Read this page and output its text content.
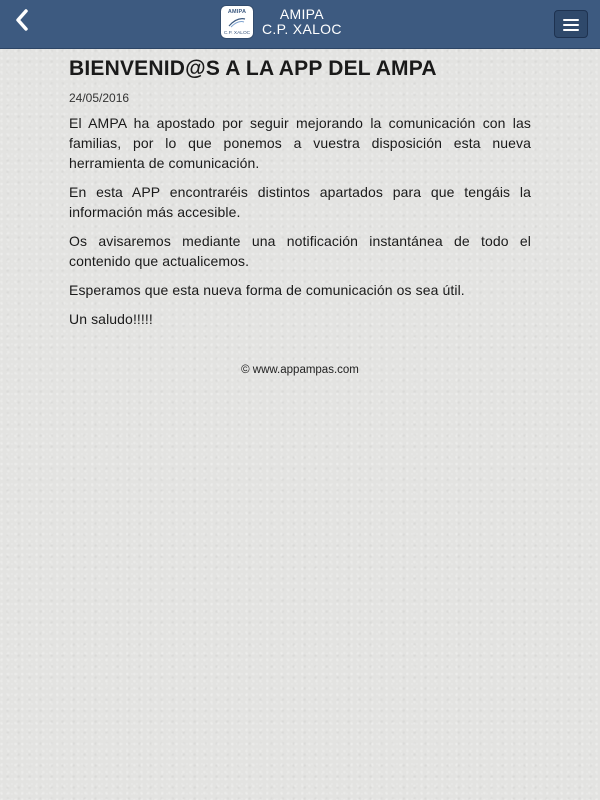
AMIPA
C.P. XALOC
AMIPA
C.P. XALOC
BIENVENID@S A LA APP DEL AMPA
24/05/2016

El AMPA ha apostado por seguir mejorando la comunicación con las familias, por lo que ponemos a vuestra disposición esta nueva herramienta de comunicación.

En esta APP encontraréis distintos apartados para que tengáis la información más accesible.

Os avisaremos mediante una notificación instantánea de todo el contenido que actualicemos.

Esperamos que esta nueva forma de comunicación os sea útil.

Un saludo!!!!!

© www.appampas.com
